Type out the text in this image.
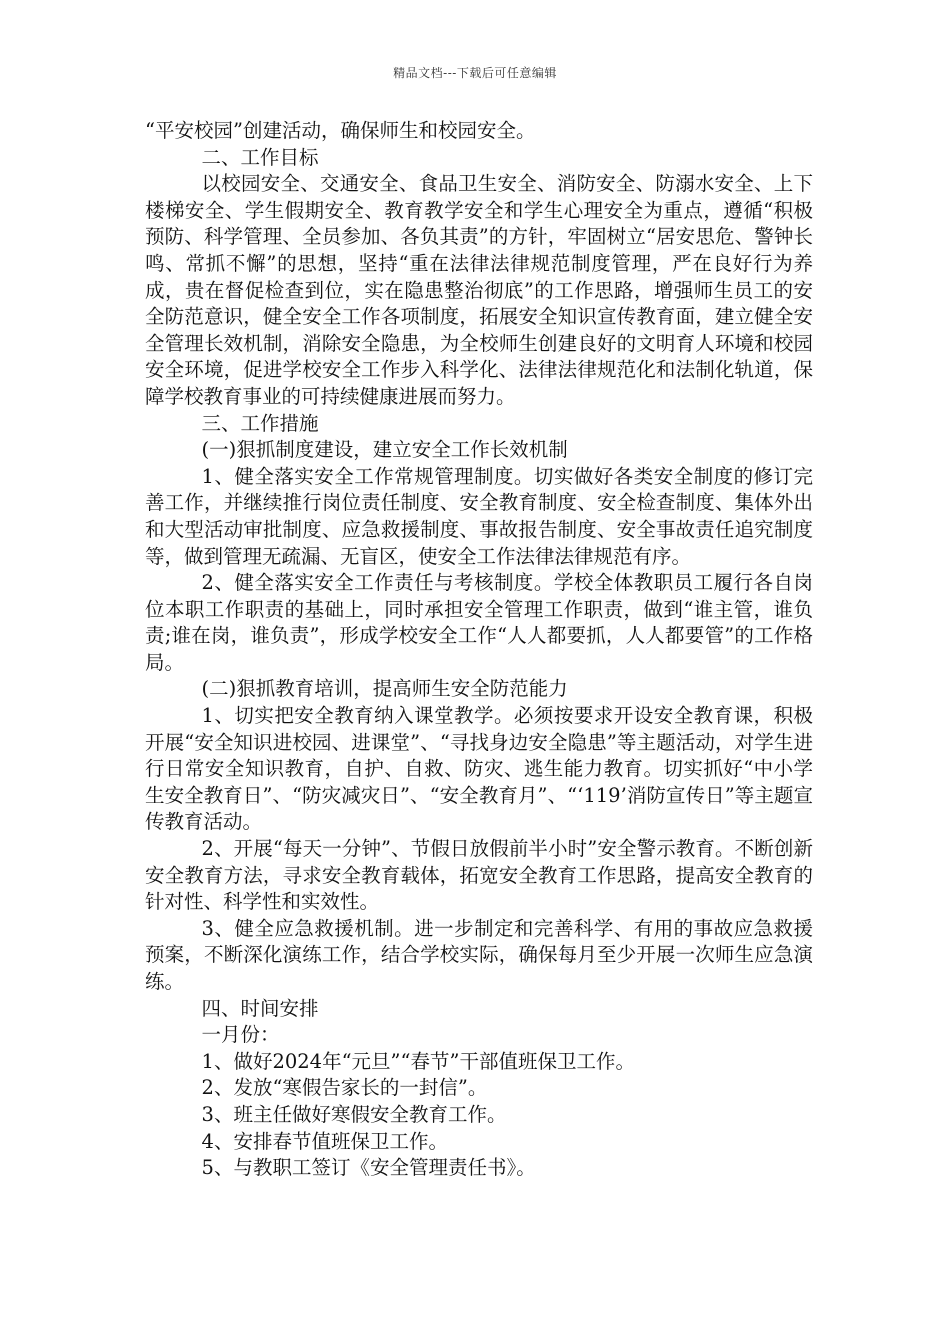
精品文档---下载后可任意编辑

“平安校园”创建活动，确保师生和校园安全。

二、工作目标

以校园安全、交通安全、食品卫生安全、消防安全、防溺水安全、上下楼梯安全、学生假期安全、教育教学安全和学生心理安全为重点，遵循“积极预防、科学管理、全员参加、各负其责”的方针，牢固树立“居安思危、警钟长鸣、常抓不懈”的思想，坚持“重在法律法律规范制度管理，严在良好行为养成，贵在督促检查到位，实在隐患整治彻底”的工作思路，增强师生员工的安全防范意识，健全安全工作各项制度，拓展安全知识宣传教育面，建立健全安全管理长效机制，消除安全隐患，为全校师生创建良好的文明育人环境和校园安全环境，促进学校安全工作步入科学化、法律法律规范化和法制化轨道，保障学校教育事业的可持续健康进展而努力。

三、工作措施

(一)狠抓制度建设，建立安全工作长效机制

1、健全落实安全工作常规管理制度。切实做好各类安全制度的修订完善工作，并继续推行岗位责任制度、安全教育制度、安全检查制度、集体外出和大型活动审批制度、应急救援制度、事故报告制度、安全事故责任追究制度等，做到管理无疏漏、无盲区，使安全工作法律法律规范有序。

2、健全落实安全工作责任与考核制度。学校全体教职员工履行各自岗位本职工作职责的基础上，同时承担安全管理工作职责，做到“谁主管，谁负责;谁在岗，谁负责”，形成学校安全工作“人人都要抓，人人都要管”的工作格局。

(二)狠抓教育培训，提高师生安全防范能力

1、切实把安全教育纳入课堂教学。必须按要求开设安全教育课，积极开展“安全知识进校园、进课堂”、“寻找身边安全隐患”等主题活动，对学生进行日常安全知识教育，自护、自救、防灾、逃生能力教育。切实抓好“中小学生安全教育日”、“防灾减灾日”、“安全教育月”、“‘119’消防宣传日”等主题宣传教育活动。

2、开展“每天一分钟”、节假日放假前半小时”安全警示教育。不断创新安全教育方法，寻求安全教育载体，拓宽安全教育工作思路，提高安全教育的针对性、科学性和实效性。

3、健全应急救援机制。进一步制定和完善科学、有用的事故应急救援预案，不断深化演练工作，结合学校实际，确保每月至少开展一次师生应急演练。

四、时间安排

一月份：

1、做好2024年“元旦”“春节”干部值班保卫工作。

2、发放“寒假告家长的一封信”。

3、班主任做好寒假安全教育工作。

4、安排春节值班保卫工作。

5、与教职工签订《安全管理责任书》。
